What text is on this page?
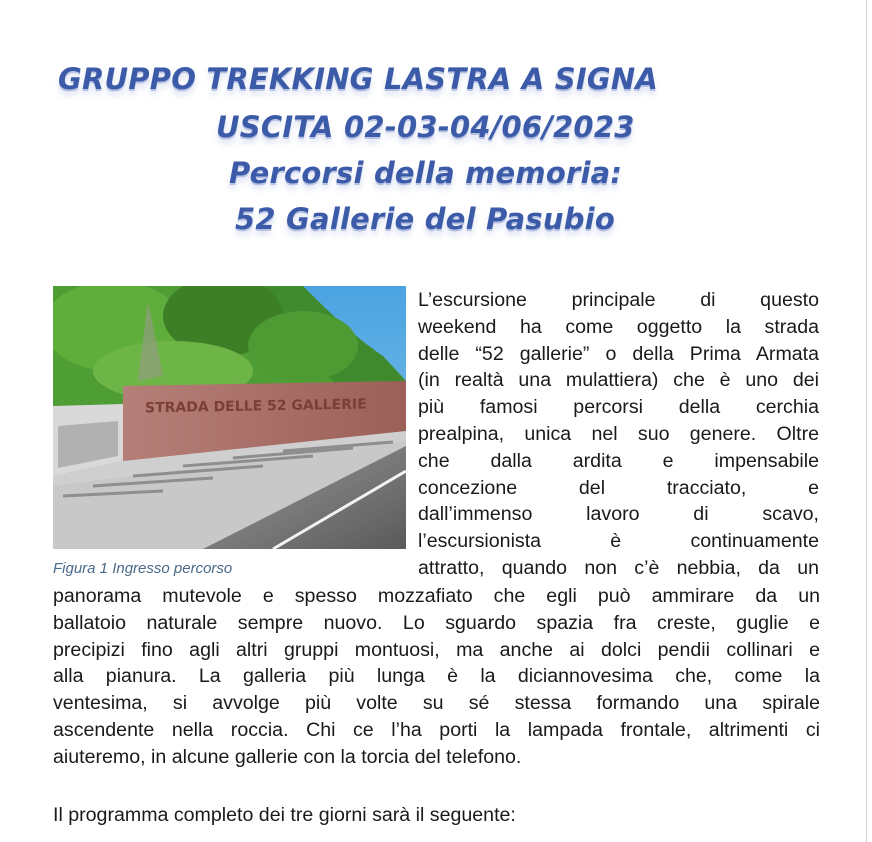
GRUPPO TREKKING LASTRA A SIGNA
USCITA 02-03-04/06/2023
Percorsi della memoria:
52 Gallerie del Pasubio
STRADA DELLE 52 GALLERIE
Figura 1 Ingresso percorso
L’escursione principale di questo
weekend ha come oggetto la strada
delle “52 gallerie” o della Prima Armata
(in realtà una mulattiera) che è uno dei
più famosi percorsi della cerchia
prealpina, unica nel suo genere. Oltre
che dalla ardita e impensabile
concezione del tracciato, e
dall’immenso lavoro di scavo,
l’escursionista è continuamente
attratto, quando non c’è nebbia, da un
panorama mutevole e spesso mozzafiato che egli può ammirare da un
ballatoio naturale sempre nuovo. Lo sguardo spazia fra creste, guglie e
precipizi fino agli altri gruppi montuosi, ma anche ai dolci pendii collinari e
alla pianura. La galleria più lunga è la diciannovesima che, come la
ventesima, si avvolge più volte su sé stessa formando una spirale
ascendente nella roccia. Chi ce l’ha porti la lampada frontale, altrimenti ci
aiuteremo, in alcune gallerie con la torcia del telefono.
Il programma completo dei tre giorni sarà il seguente:
